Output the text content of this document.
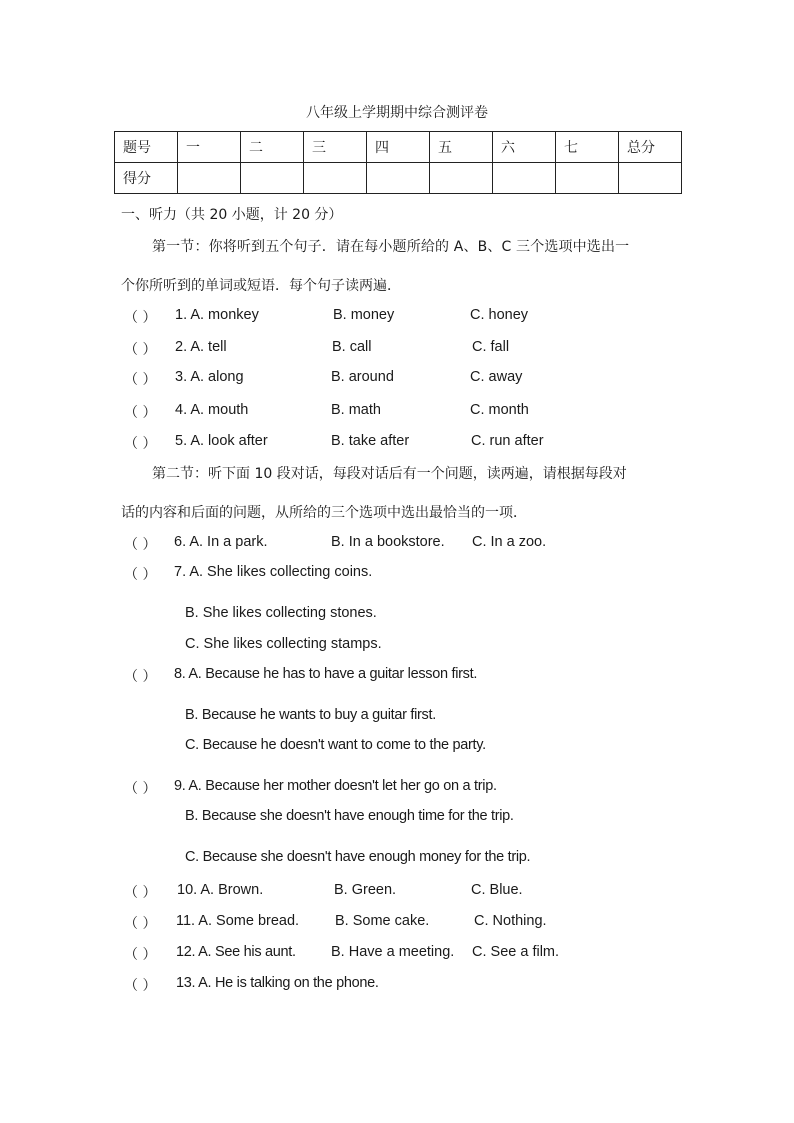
八年级上学期期中综合测评卷
题号	一	二	三	四	五	六	七	总分
得分								
一、听力（共 20 小题，计 20 分）
第一节：你将听到五个句子．请在每小题所给的 A、B、C 三个选项中选出一
个你所听到的单词或短语．每个句子读两遍．
（ ） 1. A. monkey	B. money	C. honey
（ ） 2. A. tell	B. call	C. fall
（ ） 3. A. along	B. around	C. away
（ ） 4. A. mouth	B. math	C. month
（ ） 5. A. look after	B. take after	C. run after
第二节：听下面 10 段对话，每段对话后有一个问题，读两遍，请根据每段对
话的内容和后面的问题，从所给的三个选项中选出最恰当的一项．
（ ） 6. A. In a park.	B. In a bookstore. C. In a zoo.
（ ） 7. A. She likes collecting coins.
B. She likes collecting stones.
C. She likes collecting stamps.
（ ） 8. A. Because he has to have a guitar lesson first.
B. Because he wants to buy a guitar first.
C. Because he doesn't want to come to the party.
（ ） 9. A. Because her mother doesn't let her go on a trip.
B. Because she doesn't have enough time for the trip.
C. Because she doesn't have enough money for the trip.
（ ） 10. A. Brown.	B. Green.	C. Blue.
（ ） 11. A. Some bread. B. Some cake.	C. Nothing.
（ ） 12. A. See his aunt. B. Have a meeting. C. See a film.
（ ） 13. A. He is talking on the phone.
